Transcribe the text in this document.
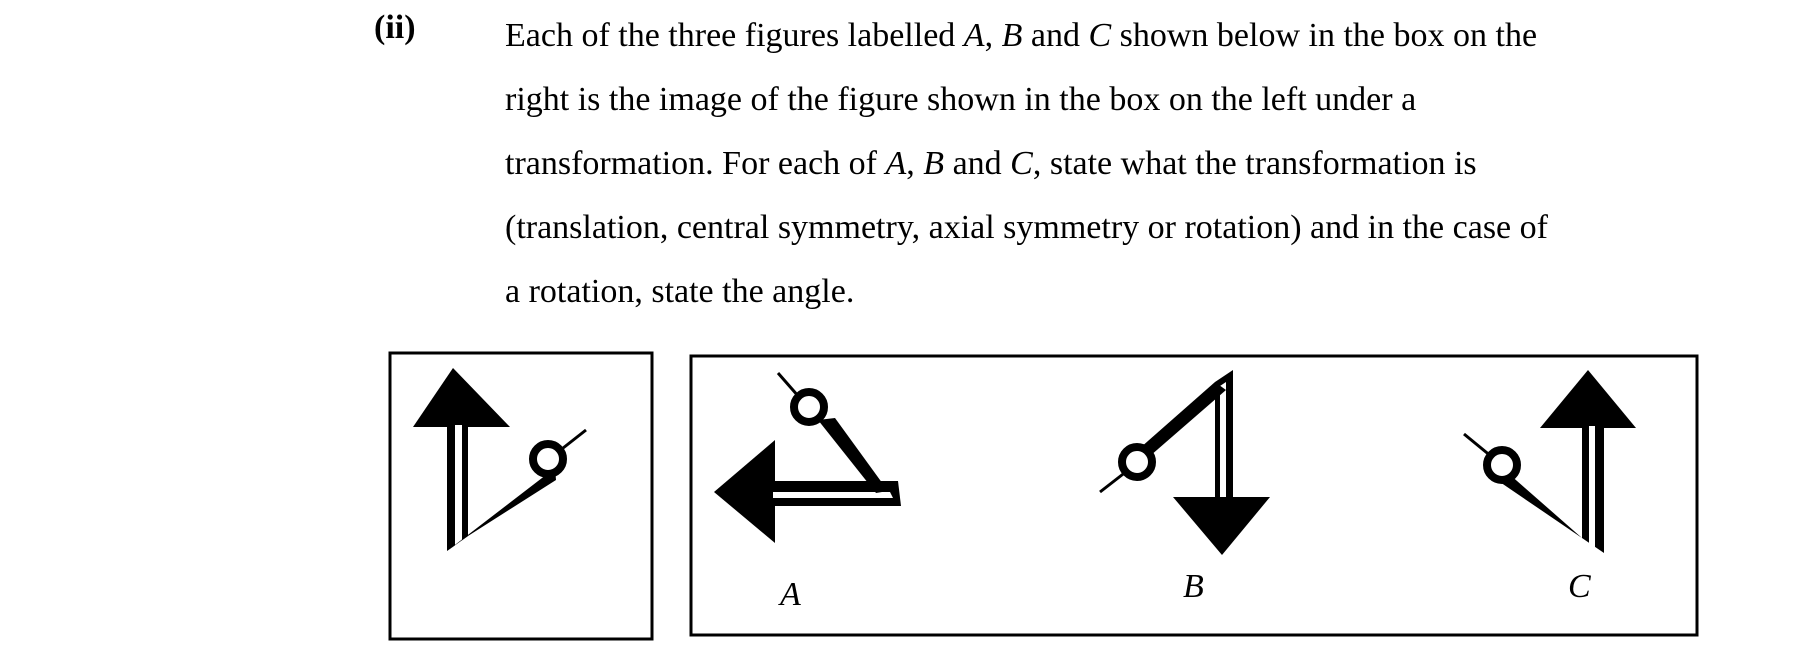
(ii)	Each of the three figures labelled A, B and C shown below in the box on the

right is the image of the figure shown in the box on the left under a

transformation. For each of A, B and C, state what the transformation is

(translation, central symmetry, axial symmetry or rotation) and in the case of

a rotation, state the angle.

A	B	C
